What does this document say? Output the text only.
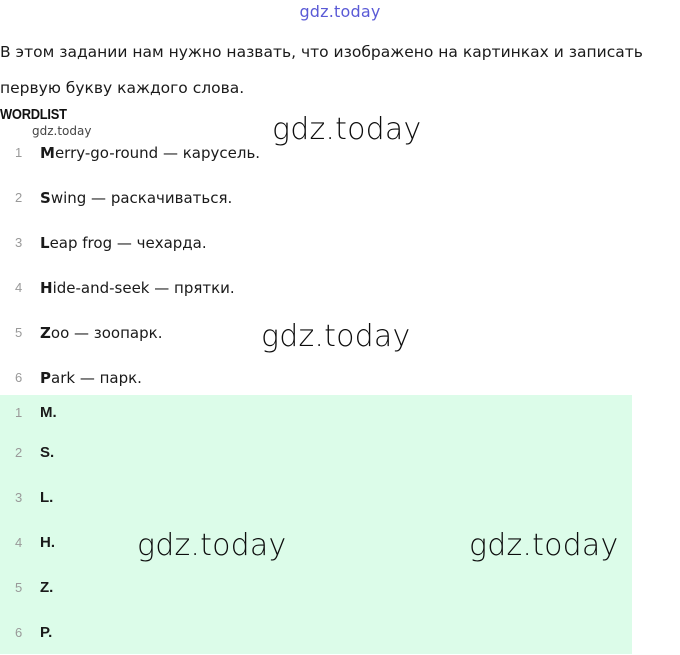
gdz.today
В этом задании нам нужно назвать, что изображено на картинках и записать первую букву каждого слова.
WORDLIST
gdz.today
1	M erry-go-round — карусель.
2	S wing — раскачиваться.
3	L eap frog — чехарда.
4	H ide-and-seek — прятки.
5	Z oo — зоопарк.
6	P ark — парк.
1	M.
2	S.
3	L.
4	H.
5	Z.
6	P.
gdz.today
gdz.today
gdz.today	gdz.today
